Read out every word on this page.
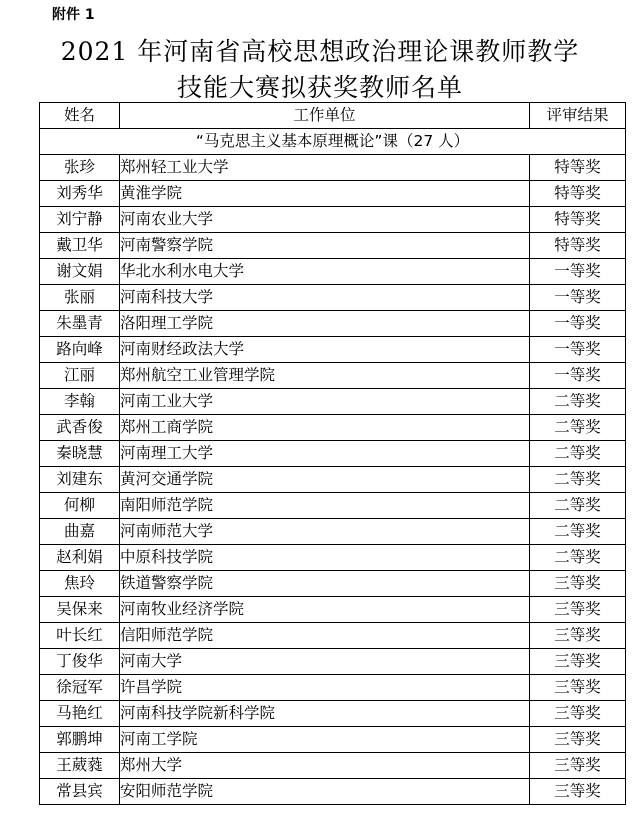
附件 1
2021 年河南省高校思想政治理论课教师教学
技能大赛拟获奖教师名单
姓名	工作单位	评审结果
“马克思主义基本原理概论”课（27 人）		
张珍	郑州轻工业大学	特等奖
刘秀华	黄淮学院	特等奖
刘宁静	河南农业大学	特等奖
戴卫华	河南警察学院	特等奖
谢文娟	华北水利水电大学	一等奖
张丽	河南科技大学	一等奖
朱墨青	洛阳理工学院	一等奖
路向峰	河南财经政法大学	一等奖
江丽	郑州航空工业管理学院	一等奖
李翰	河南工业大学	二等奖
武香俊	郑州工商学院	二等奖
秦晓慧	河南理工大学	二等奖
刘建东	黄河交通学院	二等奖
何柳	南阳师范学院	二等奖
曲嘉	河南师范大学	二等奖
赵利娟	中原科技学院	二等奖
焦玲	铁道警察学院	三等奖
吴保来	河南牧业经济学院	三等奖
叶长红	信阳师范学院	三等奖
丁俊华	河南大学	三等奖
徐冠军	许昌学院	三等奖
马艳红	河南科技学院新科学院	三等奖
郭鹏坤	河南工学院	三等奖
王葳蕤	郑州大学	三等奖
常县宾	安阳师范学院	三等奖
